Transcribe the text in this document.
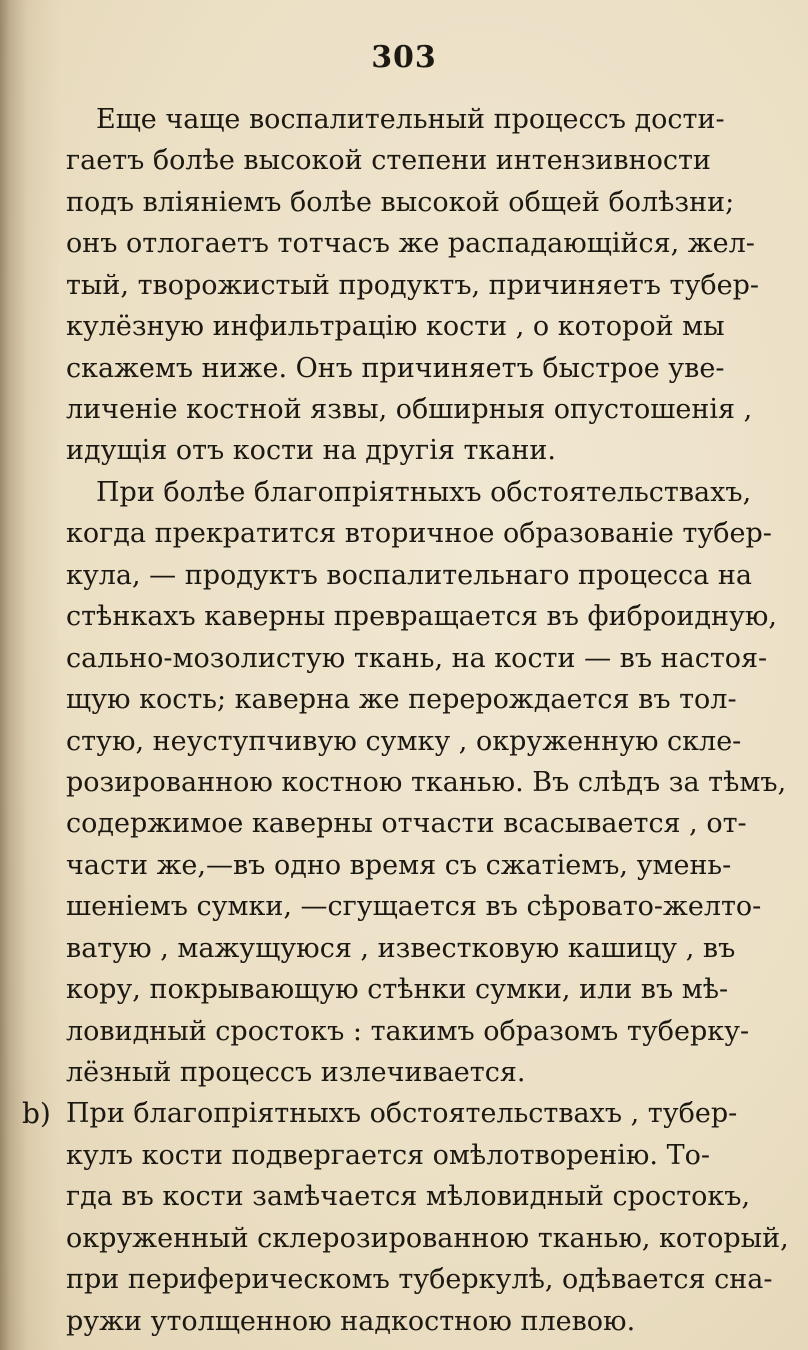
303
Еще чаще воспалительный процессъ дости-
гаетъ болѣе высокой степени интензивности
подъ вліяніемъ болѣе высокой общей болѣзни;
онъ отлогаетъ тотчасъ же распадающійся, жел-
тый, творожистый продуктъ, причиняетъ тубер-
кулёзную инфильтрацію кости , о которой мы
скажемъ ниже. Онъ причиняетъ быстрое уве-
личеніе костной язвы, обширныя опустошенія ,
идущія отъ кости на другія ткани.
При болѣе благопріятныхъ обстоятельствахъ,
когда прекратится вторичное образованіе тубер-
кула, — продуктъ воспалительнаго процесса на
стѣнкахъ каверны превращается въ фиброидную,
сально-мозолистую ткань, на кости — въ настоя-
щую кость; каверна же перерождается въ тол-
стую, неуступчивую сумку , окруженную скле-
розированною костною тканью. Въ слѣдъ за тѣмъ,
содержимое каверны отчасти всасывается , от-
части же,—въ одно время съ сжатіемъ, умень-
шеніемъ сумки, —сгущается въ сѣровато-желто-
ватую , мажущуюся , известковую кашицу , въ
кору, покрывающую стѣнки сумки, или въ мѣ-
ловидный сростокъ : такимъ образомъ туберку-
лёзный процессъ излечивается.
b) При благопріятныхъ обстоятельствахъ , тубер-
кулъ кости подвергается омѣлотворенію. То-
гда въ кости замѣчается мѣловидный сростокъ,
окруженный склерозированною тканью, который,
при периферическомъ туберкулѣ, одѣвается сна-
ружи утолщенною надкостною плевою.
